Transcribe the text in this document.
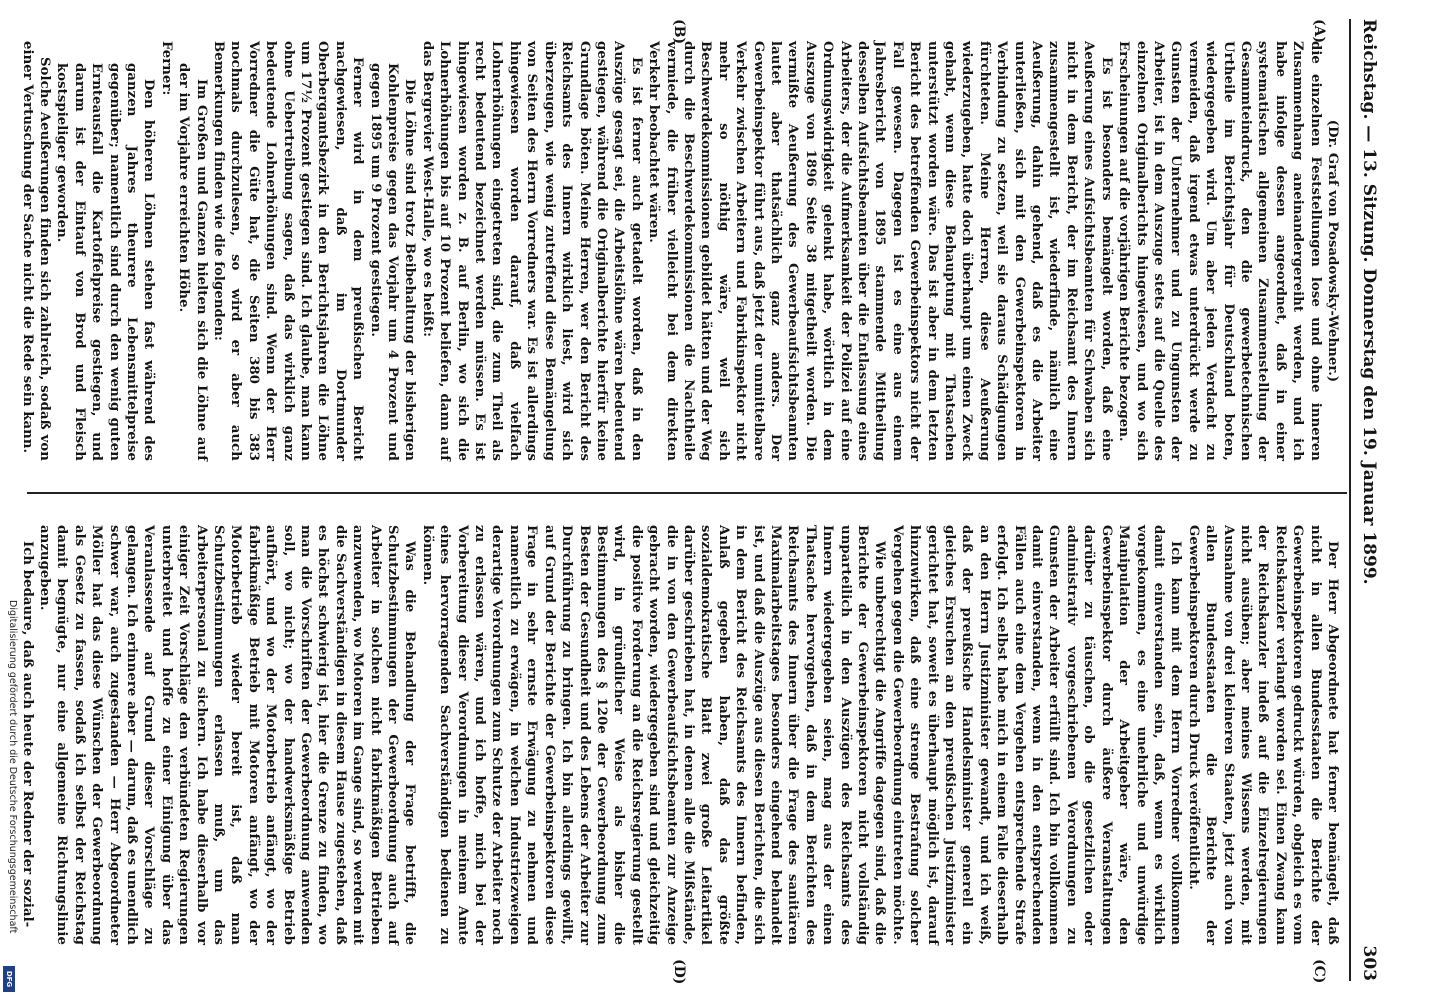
Reichstag. — 13. Sitzung. Donnerstag den 19. Januar 1899.
303
(A)
(B)
(C)
(D)

(Dr. Graf von Posadowsky-Wehner.)

die einzelnen Feststellungen lose und ohne inneren Zusammenhang aneinandergereiht werden, und ich habe infolge dessen angeordnet, daß in einer systematischen allgemeinen Zusammenstellung der Gesammteindruck, den die gewerbetechnischen Urtheile im Berichtsjahr für Deutschland boten, wiedergegeben wird. Um aber jeden Verdacht zu vermeiden, daß irgend etwas unterdrückt werde zu Gunsten der Unternehmer und zu Ungunsten der Arbeiter, ist in dem Auszuge stets auf die Quelle des einzelnen Originalberichts hingewiesen, und wo sich Erscheinungen auf die vorjährigen Berichte bezogen.

Es ist besonders bemängelt worden, daß eine Aeußerung eines Aufsichtsbeamten für Schwaben sich nicht in dem Bericht, der im Reichsamt des Innern zusammengestellt ist, wiederfinde, nämlich eine Aeußerung, dahin gehend, daß es die Arbeiter unterließen, sich mit den Gewerbeinspektoren in Verbindung zu setzen, weil sie daraus Schädigungen fürchteten. Meine Herren, diese Aeußerung wiederzugeben, hatte doch überhaupt um einen Zweck gehabt, wenn diese Behauptung mit Thatsachen unterstützt worden wäre. Das ist aber in dem letzten Bericht des betreffenden Gewerbeinspektors nicht der Fall gewesen. Dagegen ist es eine aus einem Jahresbericht von 1895 stammende Mittheilung desselben Aufsichtsbeamten über die Entlassung eines Arbeiters, der die Aufmerksamkeit der Polizei auf eine Ordnungswidrigkeit gelenkt habe, wörtlich in dem Auszuge von 1896 Seite 38 mitgetheilt worden. Die vermißte Aeußerung des Gewerbeaufsichtsbeamten lautet aber thatsächlich ganz anders. Der Gewerbeinspektor führt aus, daß jetzt der unmittelbare Verkehr zwischen Arbeitern und Fabrikinspektor nicht mehr so nöthig wäre, weil sich Beschwerdekommissionen gebildet hätten und der Weg durch die Beschwerdekommissionen die Nachtheile vermiede, die früher vielleicht bei dem direkten Verkehr beobachtet wären.

Es ist ferner auch getadelt worden, daß in den Auszüge gesagt sei, die Arbeitslöhne wären bedeutend gestiegen, während die Originalberichte hierfür keine Grundlage böten. Meine Herren, wer den Bericht des Reichsamts des Innern wirklich liest, wird sich überzeugen, wie wenig zutreffend diese Bemängelung von Seiten des Herrn Vorredners war. Es ist allerdings hingewiesen worden darauf, daß vielfach Lohnerhöhungen eingetreten sind, die zum Theil als recht bedeutend bezeichnet werden müssen. Es ist hingewiesen worden z. B. auf Berlin, wo sich die Lohnerhöhungen bis auf 10 Prozent beliefen, dann auf das Bergrevier West-Halle, wo es heißt:

Die Löhne sind trotz Beibehaltung der bisherigen Kohlenpreise gegen das Vorjahr um 4 Prozent und gegen 1895 um 9 Prozent gestiegen.

Ferner wird in dem preußischen Bericht nachgewiesen, daß im Dortmunder Oberbergamtsbezirk in den Berichtsjahren die Löhne um 17½ Prozent gestiegen sind. Ich glaube, man kann ohne Uebertreibung sagen, daß das wirklich ganz bedeutende Lohnerhöhungen sind. Wenn der Herr Vorredner die Güte hat, die Seiten 380 bis 383 nochmals durchzulesen, so wird er aber auch Bemerkungen finden wie die folgenden:

Im Großen und Ganzen hielten sich die Löhne auf der im Vorjahre erreichten Höhe.

Ferner:

Den höheren Löhnen stehen fast während des ganzen Jahres theurere Lebensmittelpreise gegenüber; namentlich sind durch den wenig guten Ernteausfall die Kartoffelpreise gestiegen, und darum ist der Eintauf von Brod und Fleisch kostspieliger geworden.

Solche Aeußerungen finden sich zahlreich, sodaß von einer Vertuschung der Sache nicht die Rede sein kann.

Der Herr Abgeordnete hat ferner bemängelt, daß nicht in allen Bundesstaaten die Berichte der Gewerbeinspektoren gedruckt würden, obgleich es vom Reichskanzler verlangt worden sei. Einen Zwang kann der Reichskanzler indeß auf die Einzelregierungen nicht ausüben; aber meines Wissens werden, mit Ausnahme von drei kleineren Staaten, jetzt auch von allen Bundesstaaten die Berichte der Gewerbeinspektoren durch Druck veröffentlicht.

Ich kann mit dem Herrn Vorredner vollkommen damit einverstanden sein, daß, wenn es wirklich vorgekommen, es eine unehrliche und unwürdige Manipulation der Arbeitgeber wäre, den Gewerbeinspektor durch äußere Veranstaltungen darüber zu täuschen, ob die gesetzlichen oder administrativ vorgeschriebenen Verordnungen zu Gunsten der Arbeiter erfüllt sind. Ich bin vollkommen damit einverstanden, wenn in den entsprechenden Fällen auch eine dem Vergehen entsprechende Strafe erfolgt. Ich selbst habe mich in einem Falle dieserhalb an den Herrn Justizminister gewandt, und ich weiß, daß der preußische Handelsminister generell ein gleiches Ersuchen an den preußischen Justizminister gerichtet hat, soweit es überhaupt möglich ist, darauf hinzuwirken, daß eine strenge Bestrafung solcher Vergehen gegen die Gewerbeordnung eintreten möchte.

Wie unberechtigt die Angriffe dagegen sind, daß die Berichte der Gewerbeinspektoren nicht vollständig unparteilich in den Auszügen des Reichsamts des Innern wiedergegeben seien, mag aus der einen Thatsache hervorgehen, daß in dem Berichten des Reichsamts des Innern über die Frage des sanitären Maximalarbeitstages besonders eingehend behandelt ist, und daß die Auszüge aus diesen Berichten, die sich in dem Bericht des Reichsamts des Innern befinden, Anlaß gegeben haben, daß das größte sozialdemokratische Blatt zwei große Leitartikel darüber geschrieben hat, in denen alle die Mißstände, die in von den Gewerbeaufsichtsbeamten zur Anzeige gebracht worden, wiedergegeben sind und gleichzeitig die positive Forderung an die Reichsregierung gestellt wird, in gründlicher Weise als bisher die Bestimmungen des § 120e der Gewerbeordnung zum Besten der Gesundheit und des Lebens der Arbeiter zur Durchführung zu bringen. Ich bin allerdings gewillt, auf Grund der Berichte der Gewerbeinspektoren diese Frage in sehr ernste Erwägung zu nehmen und namentlich zu erwägen, in welchen Industriezweigen derartige Verordnungen zum Schutze der Arbeiter noch zu erlassen wären, und ich hoffe, mich bei der Vorbereitung dieser Verordnungen in meinem Amte eines hervorragenden Sachverständigen bedienen zu können.

Was die Behandlung der Frage betrifft, die Schutzbestimmungen der Gewerbeordnung auch auf Arbeiter in solchen nicht fabrikmäßigen Betrieben anzuwenden, wo Motoren im Gange sind, so werden mit die Sachverständigen in diesem Hause zugestehen, daß es höchst schwierig ist, hier die Grenze zu finden, wo man die Vorschriften der Gewerbeordnung anwenden soll, wo nicht; wo der handwerksmäßige Betrieb aufhört, und wo der Motorbetrieb anfängt, wo der fabrikmäßige Betrieb mit Motoren anfängt, wo der Motorbetrieb wieder bereit ist, daß man Schutzbestimmungen erlassen muß, um das Arbeiterpersonal zu sichern. Ich habe dieserhalb vor einiger Zeit Vorschläge den verbündeten Regierungen unterbreitet und hoffe zu einer Einigung über das Veranlassende auf Grund dieser Vorschläge zu gelangen. Ich erinnere aber — darum, daß es unendlich schwer war, auch zugestanden — Herr Abgeordneter Möller hat das diese Wünschen der Gewerbeordnung als Gesetz zu fassen, sodaß ich selbst der Reichstag damit begnügte, nur eine allgemeine Richtungslinie anzugeben.

Ich bedaure, daß auch heute der Redner der sozial-

Digitalisierung gefördert durch die Deutsche Forschungsgemeinschaft
DFG
